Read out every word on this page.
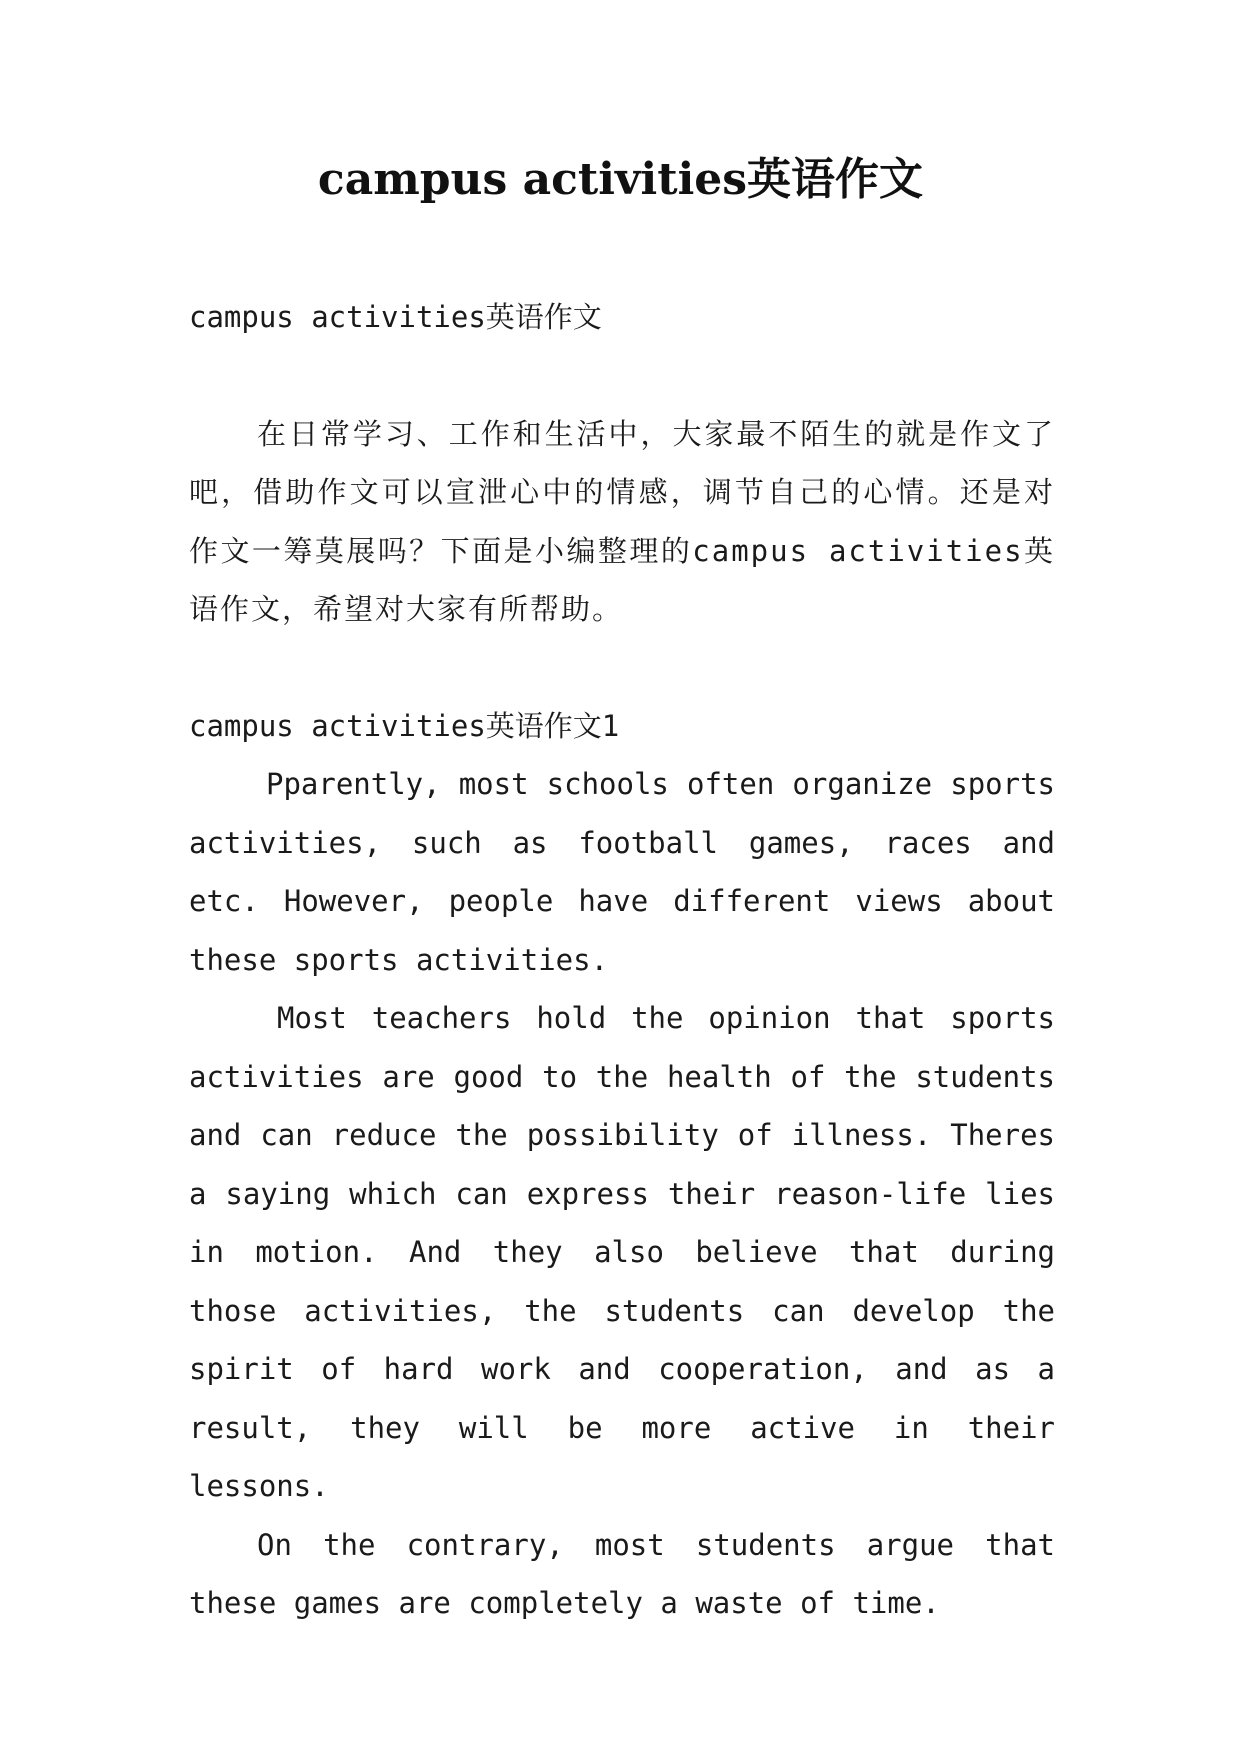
campus activities英语作文

campus activities英语作文

在日常学习、工作和生活中，大家最不陌生的就是作文了吧，借助作文可以宣泄心中的情感，调节自己的心情。还是对作文一筹莫展吗？下面是小编整理的campus activities英语作文，希望对大家有所帮助。

campus activities英语作文1

Pparently, most schools often organize sports activities, such as football games, races and etc. However, people have different views about these sports activities.

Most teachers hold the opinion that sports activities are good to the health of the students and can reduce the possibility of illness. Theres a saying which can express their reason-life lies in motion. And they also believe that during those activities, the students can develop the spirit of hard work and cooperation, and as a result, they will be more active in their lessons.

On the contrary, most students argue that these games are completely a waste of time.
